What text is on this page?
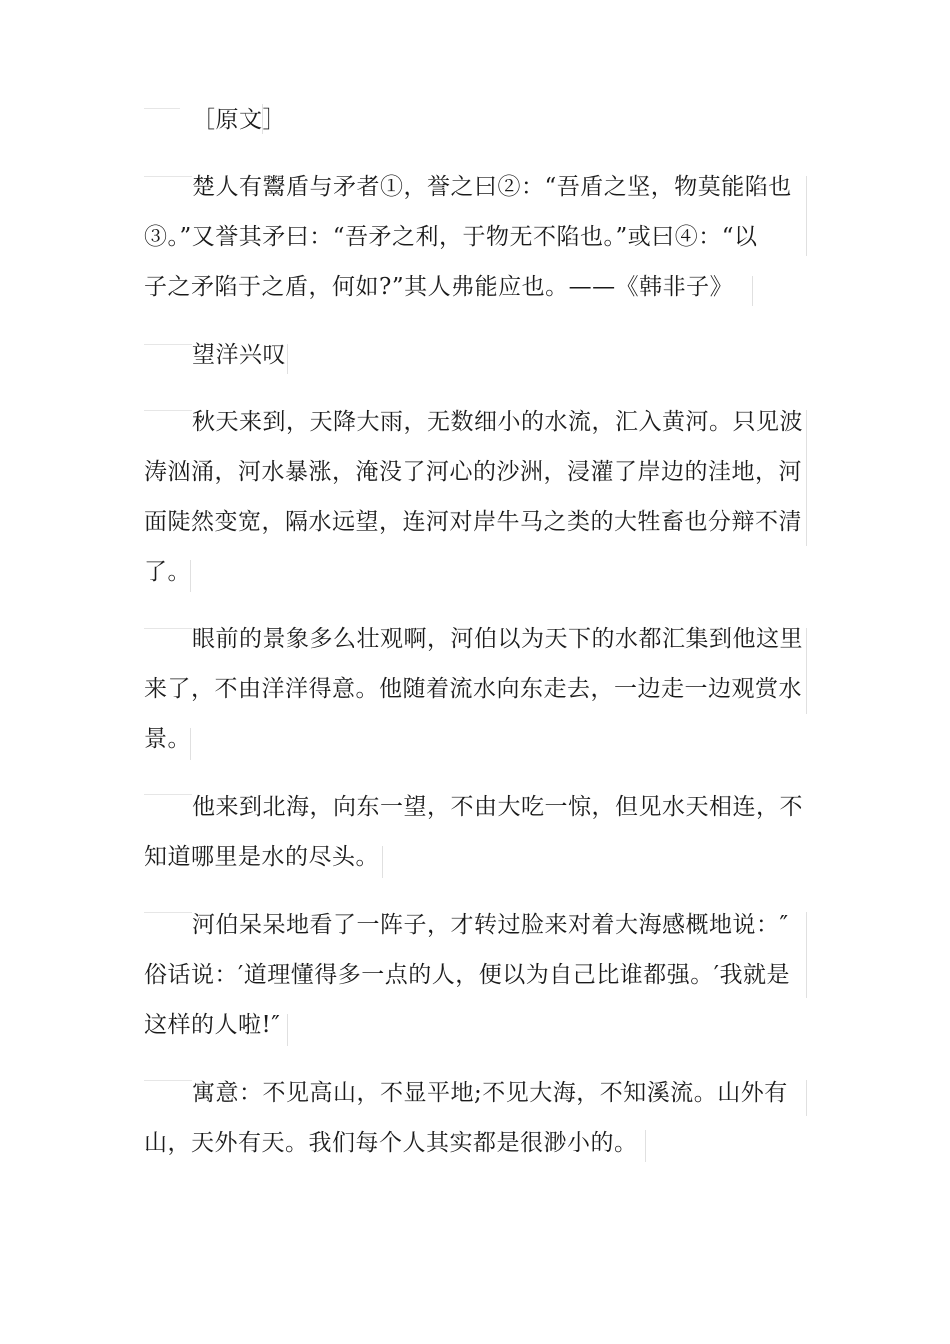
［原文］

楚人有鬻盾与矛者①，誉之曰②：“吾盾之坚，物莫能陷也
③。”又誉其矛曰：“吾矛之利，于物无不陷也。”或曰④：“以
子之矛陷于之盾，何如?”其人弗能应也。——《韩非子》

望洋兴叹

秋天来到，天降大雨，无数细小的水流，汇入黄河。只见波
涛汹涌，河水暴涨，淹没了河心的沙洲，浸灌了岸边的洼地，河
面陡然变宽，隔水远望，连河对岸牛马之类的大牲畜也分辩不清
了。

眼前的景象多么壮观啊，河伯以为天下的水都汇集到他这里
来了，不由洋洋得意。他随着流水向东走去，一边走一边观赏水
景。

他来到北海，向东一望，不由大吃一惊，但见水天相连，不
知道哪里是水的尽头。

河伯呆呆地看了一阵子，才转过脸来对着大海感概地说：″
俗话说：′道理懂得多一点的人，便以为自己比谁都强。′我就是
这样的人啦!″

寓意：不见高山，不显平地;不见大海，不知溪流。山外有
山，天外有天。我们每个人其实都是很渺小的。
